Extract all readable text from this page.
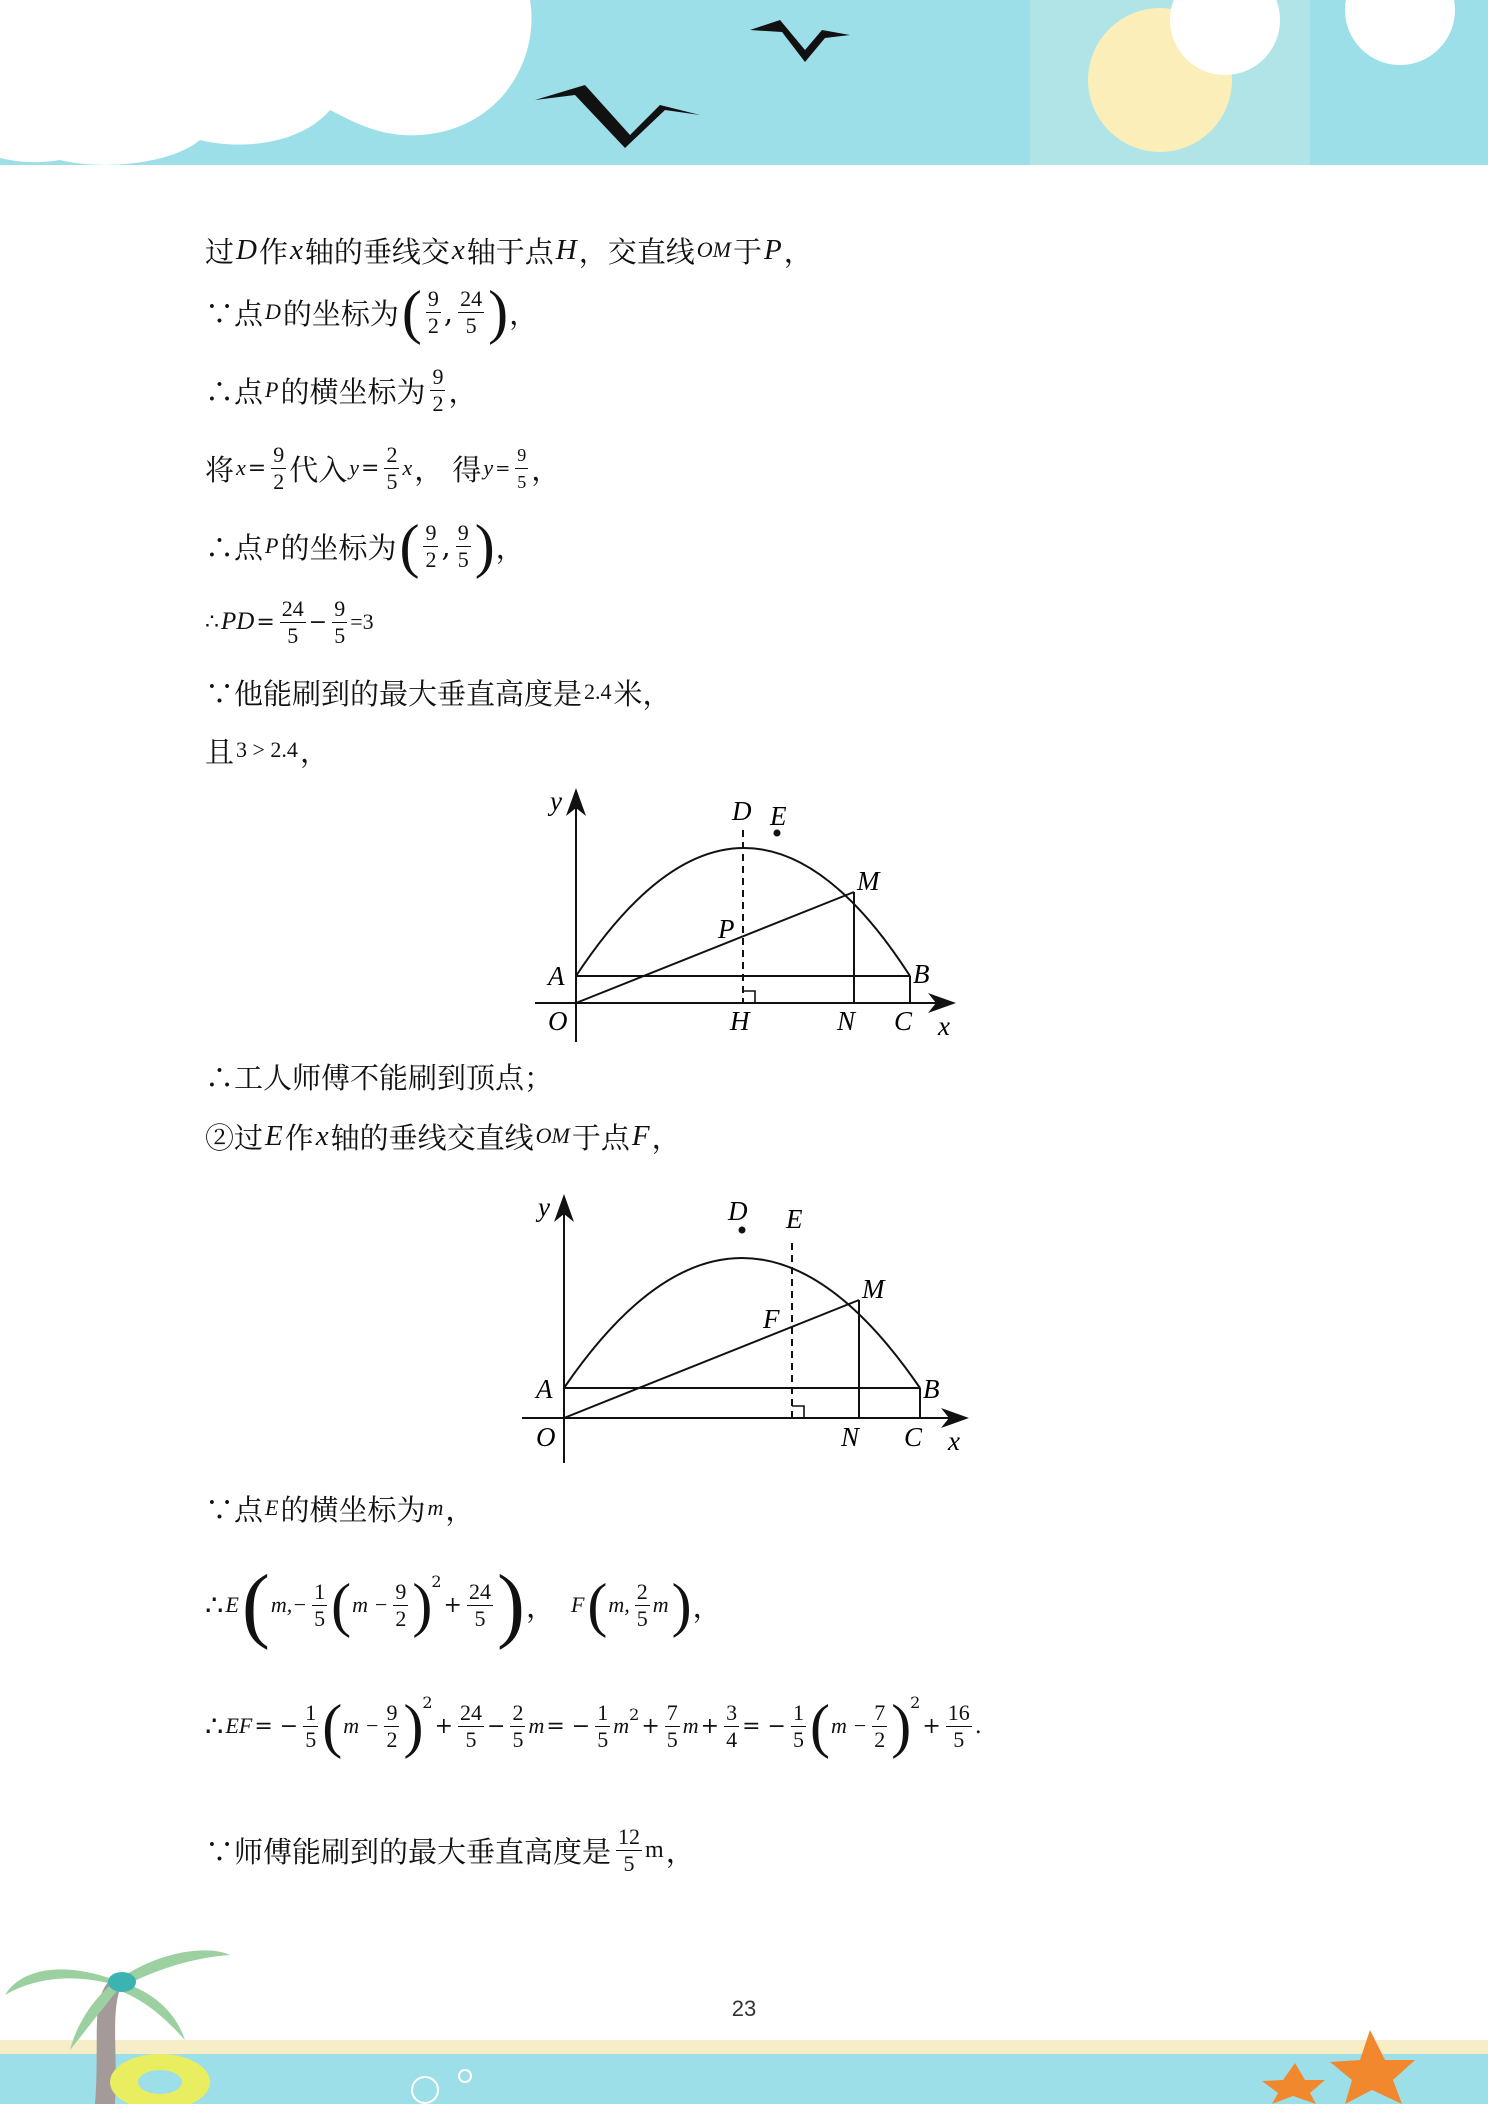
过 D 作 x 轴的垂线交 x 轴于点 H ，交直线 OM 于 P ，
∵点 D 的坐标为 ( $\frac{9}{2}$ , $\frac{24}{5}$ ) ，
∴点 P 的横坐标为 $\frac{9}{2}$ ，
将 $x = \frac{9}{2}$ 代入 $y = \frac{2}{5}$ x ， 得 $y = \frac{9}{5}$ ，
∴点 P 的坐标为 ( $\frac{9}{2}$ , $\frac{9}{5}$ ) ，
∴ PD = $\frac{24}{5} - \frac{9}{5} =3$
∵他能刷到的最大垂直高度是 2.4 米，
且 3 > 2.4 ，
∴工人师傅不能刷到顶点；
②过 E 作 x 轴的垂线交直线 OM 于点 F ，
∵点 E 的横坐标为 m ，
∴ E ( $m,- \frac{1}{5}$ ( $m - \frac{9}{2}$ ) 2
+ $\frac{24}{5}$ ) ， F ( m, $\frac{2}{5}$ m ) ，
∴ EF = − $\frac{1}{5}$ ( $m - \frac{9}{2}$ ) 2
+ $\frac{24}{5} - \frac{2}{5}$ m = − $\frac{1}{5}$ m $2 + \frac{7}{5}$ $m + \frac{3}{4}$ = − $\frac{1}{5}$ ( $m - \frac{7}{2}$ ) 2
+ $\frac{16}{5}$ .
∵师傅能刷到的最大垂直高度是 $\frac{12}{5}$ m ，
y	D E
M
P
A	B
O	H	N C x
y	D E
M
F
A	B
O	N C x
23
